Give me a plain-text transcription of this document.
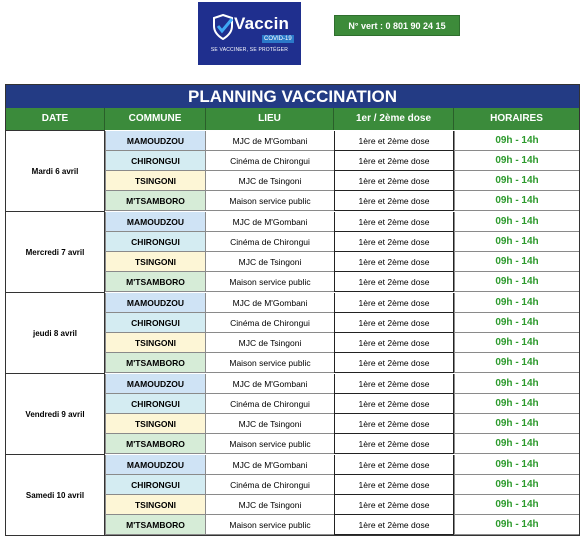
Vaccin
COVID-19
SE VACCINER, SE PROTÉGER
N° vert : 0 801 90 24 15
PLANNING VACCINATION
DATE	COMMUNE	LIEU	1er / 2ème dose	HORAIRES
Mardi 6 avril
MAMOUDZOU	MJC de M'Gombani	1ère et 2ème dose	09h - 14h
CHIRONGUI	Cinéma de Chirongui	1ère et 2ème dose	09h - 14h
TSINGONI	MJC de Tsingoni	1ère et 2ème dose	09h - 14h
M'TSAMBORO	Maison service public	1ère et 2ème dose	09h - 14h
Mercredi 7 avril
MAMOUDZOU	MJC de M'Gombani	1ère et 2ème dose	09h - 14h
CHIRONGUI	Cinéma de Chirongui	1ère et 2ème dose	09h - 14h
TSINGONI	MJC de Tsingoni	1ère et 2ème dose	09h - 14h
M'TSAMBORO	Maison service public	1ère et 2ème dose	09h - 14h
jeudi 8 avril
MAMOUDZOU	MJC de M'Gombani	1ère et 2ème dose	09h - 14h
CHIRONGUI	Cinéma de Chirongui	1ère et 2ème dose	09h - 14h
TSINGONI	MJC de Tsingoni	1ère et 2ème dose	09h - 14h
M'TSAMBORO	Maison service public	1ère et 2ème dose	09h - 14h
Vendredi 9 avril
MAMOUDZOU	MJC de M'Gombani	1ère et 2ème dose	09h - 14h
CHIRONGUI	Cinéma de Chirongui	1ère et 2ème dose	09h - 14h
TSINGONI	MJC de Tsingoni	1ère et 2ème dose	09h - 14h
M'TSAMBORO	Maison service public	1ère et 2ème dose	09h - 14h
Samedi 10 avril
MAMOUDZOU	MJC de M'Gombani	1ère et 2ème dose	09h - 14h
CHIRONGUI	Cinéma de Chirongui	1ère et 2ème dose	09h - 14h
TSINGONI	MJC de Tsingoni	1ère et 2ème dose	09h - 14h
M'TSAMBORO	Maison service public	1ère et 2ème dose	09h - 14h
